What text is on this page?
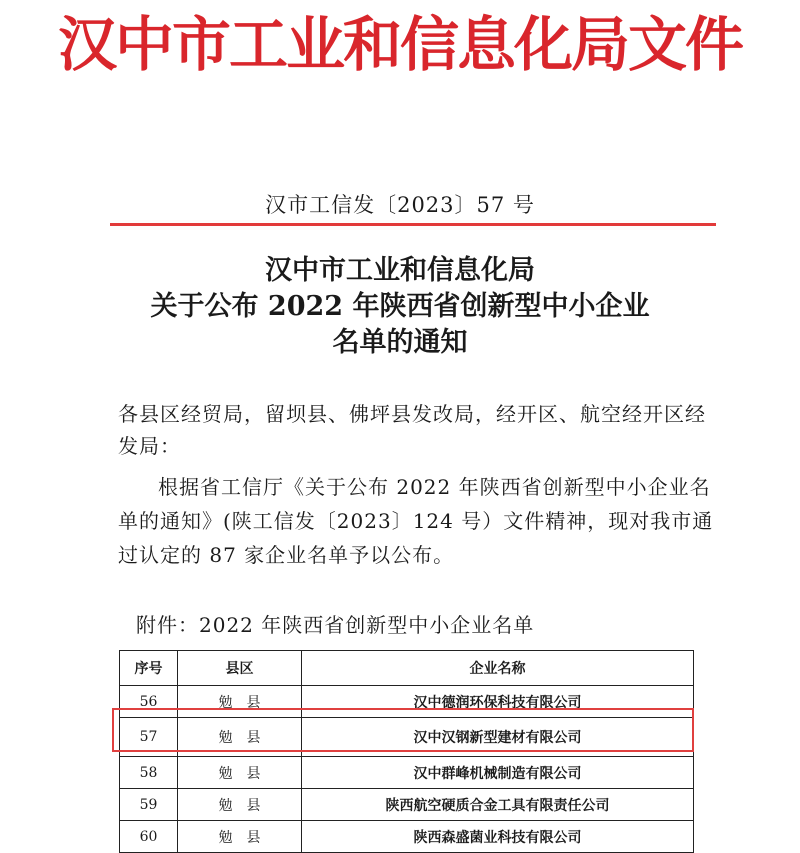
汉中市工业和信息化局文件
汉市工信发〔2023〕57 号
汉中市工业和信息化局
关于公布 2022 年陕西省创新型中小企业
名单的通知
各县区经贸局，留坝县、佛坪县发改局，经开区、航空经开区经
发局：
根据省工信厅《关于公布 2022 年陕西省创新型中小企业名
单的通知》(陕工信发〔2023〕124 号）文件精神，现对我市通
过认定的 87 家企业名单予以公布。
附件：2022 年陕西省创新型中小企业名单
序号	县区	企业名称
56	勉　县	汉中德润环保科技有限公司
57	勉　县	汉中汉钢新型建材有限公司
58	勉　县	汉中群峰机械制造有限公司
59	勉　县	陕西航空硬质合金工具有限责任公司
60	勉　县	陕西森盛菌业科技有限公司
